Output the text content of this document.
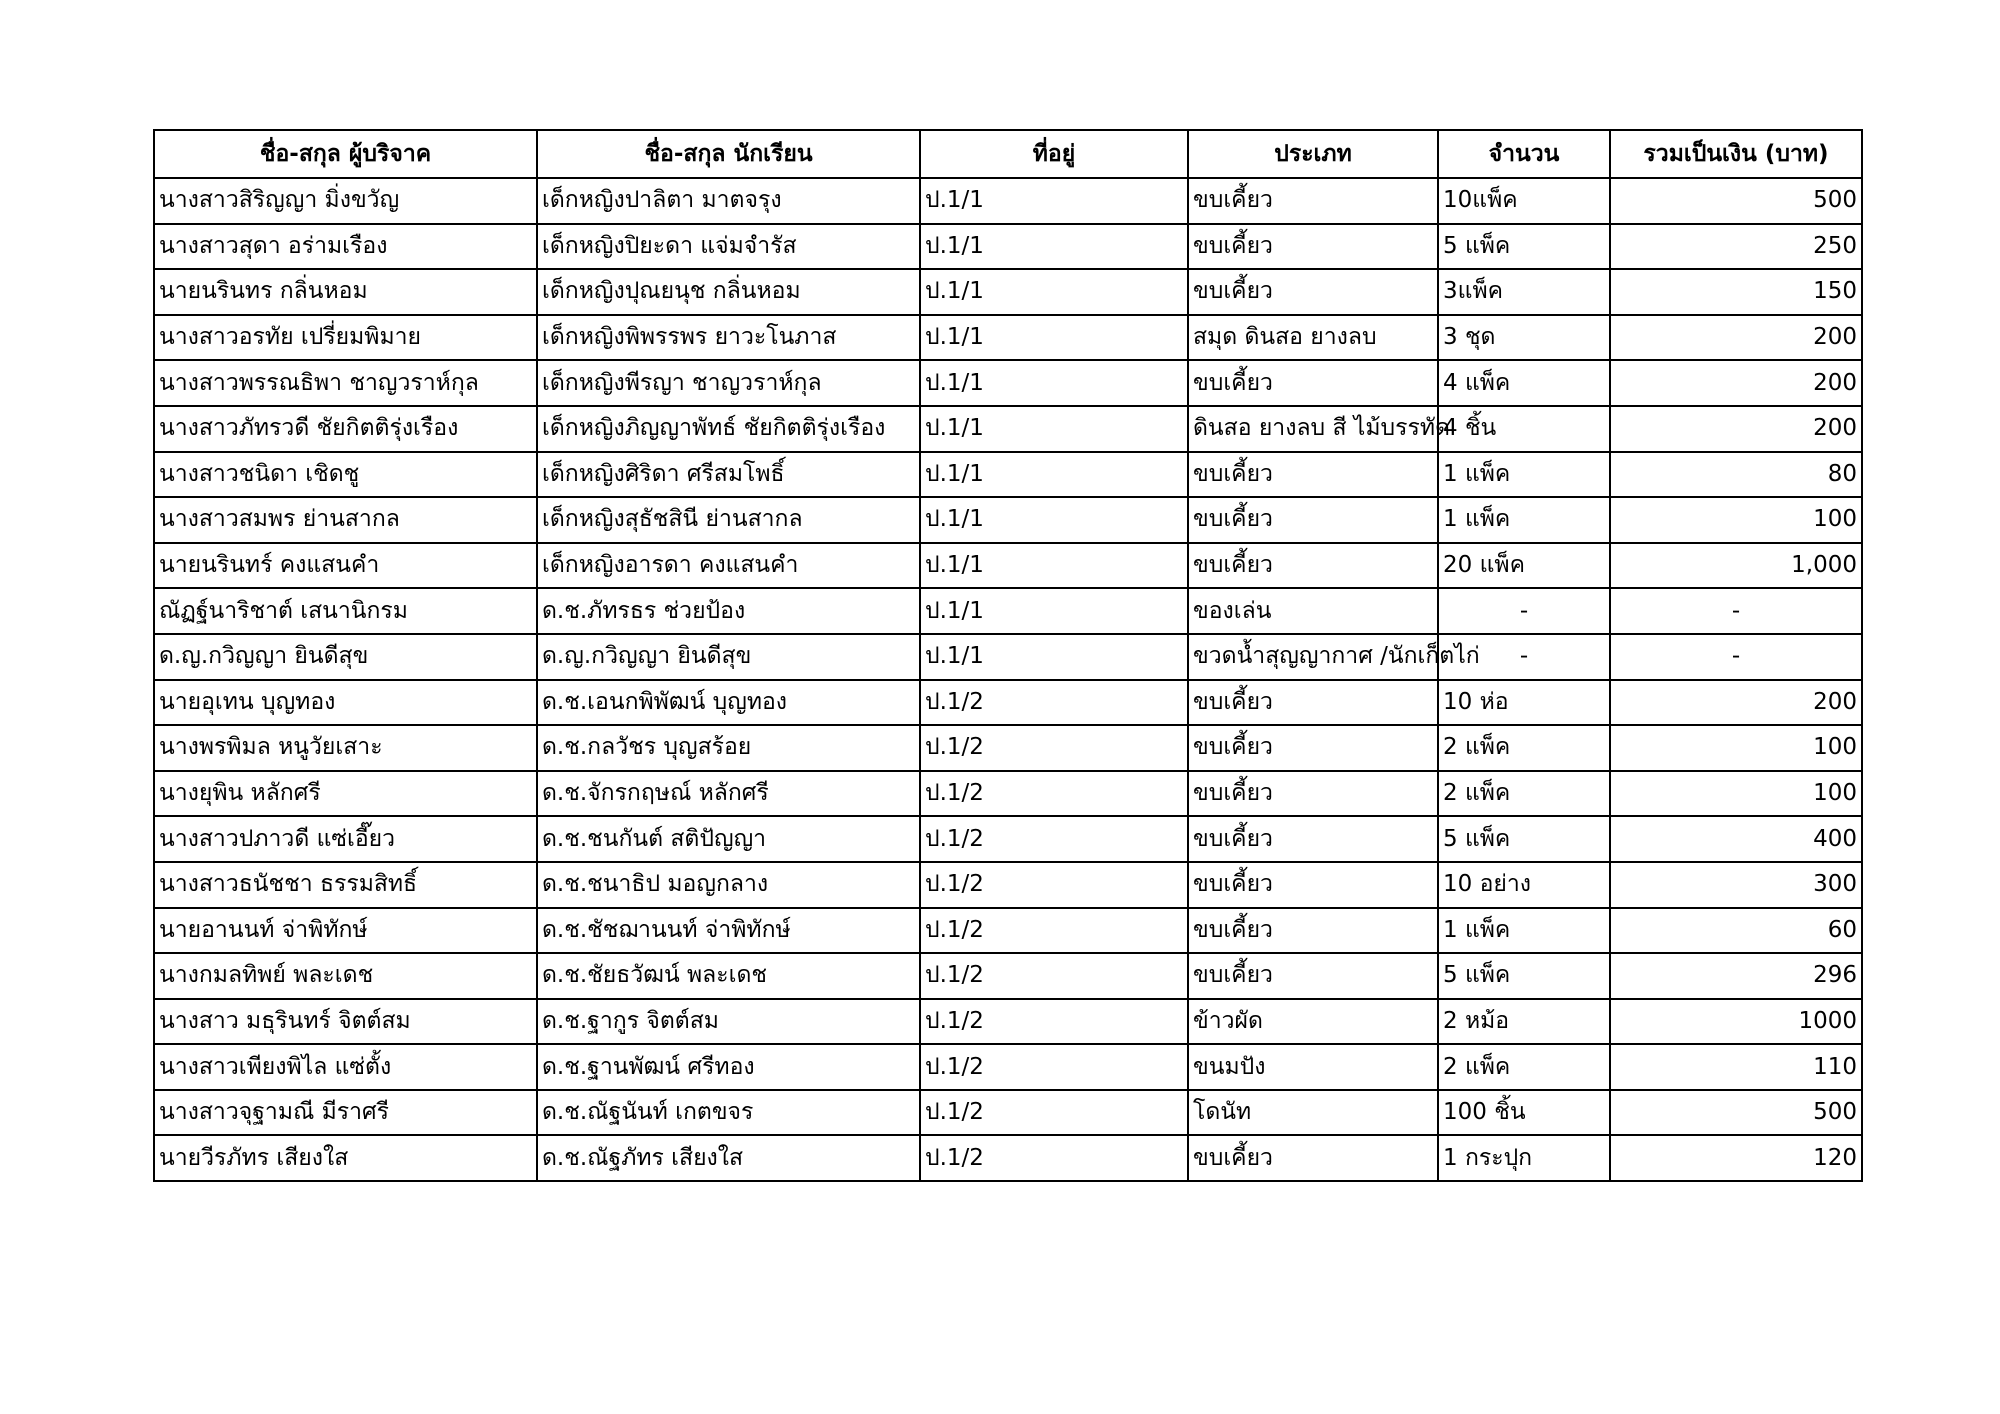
ชื่อ-สกุล ผู้บริจาค	ชื่อ-สกุล นักเรียน	ที่อยู่	ประเภท	จำนวน	รวมเป็นเงิน (บาท)
นางสาวสิริญญา มิ่งขวัญ	เด็กหญิงปาลิตา มาตจรุง	ป.1/1	ขบเคี้ยว	10แพ็ค	500
นางสาวสุดา อร่ามเรือง	เด็กหญิงปิยะดา แจ่มจำรัส	ป.1/1	ขบเคี้ยว	5 แพ็ค	250
นายนรินทร กลิ่นหอม	เด็กหญิงปุณยนุช กลิ่นหอม	ป.1/1	ขบเคี้ยว	3แพ็ค	150
นางสาวอรทัย เปรี่ยมพิมาย	เด็กหญิงพิพรรพร ยาวะโนภาส	ป.1/1	สมุด ดินสอ ยางลบ	3 ชุด	200
นางสาวพรรณธิพา ชาญวราห์กุล	เด็กหญิงพีรญา ชาญวราห์กุล	ป.1/1	ขบเคี้ยว	4 แพ็ค	200
นางสาวภัทรวดี ชัยกิตติรุ่งเรือง	เด็กหญิงภิญญาพัทธ์ ชัยกิตติรุ่งเรือง	ป.1/1	ดินสอ ยางลบ สี ไม้บรรทัด	4 ชิ้น	200
นางสาวชนิดา เชิดชู	เด็กหญิงศิริดา ศรีสมโพธิ์	ป.1/1	ขบเคี้ยว	1 แพ็ค	80
นางสาวสมพร ย่านสากล	เด็กหญิงสุธัชสินี ย่านสากล	ป.1/1	ขบเคี้ยว	1 แพ็ค	100
นายนรินทร์ คงแสนคำ	เด็กหญิงอารดา คงแสนคำ	ป.1/1	ขบเคี้ยว	20 แพ็ค	1,000
ณัฏฐ์นาริชาต์ เสนานิกรม	ด.ช.ภัทรธร ช่วยป้อง	ป.1/1	ของเล่น	-	-
ด.ญ.กวิญญา ยินดีสุข	ด.ญ.กวิญญา ยินดีสุข	ป.1/1	ขวดน้ำสุญญากาศ /นักเก็ตไก่	-	-
นายอุเทน บุญทอง	ด.ช.เอนกพิพัฒน์ บุญทอง	ป.1/2	ขบเคี้ยว	10 ห่อ	200
นางพรพิมล หนูวัยเสาะ	ด.ช.กลวัชร บุญสร้อย	ป.1/2	ขบเคี้ยว	2 แพ็ค	100
นางยุพิน หลักศรี	ด.ช.จักรกฤษณ์ หลักศรี	ป.1/2	ขบเคี้ยว	2 แพ็ค	100
นางสาวปภาวดี แซ่เอี๊ยว	ด.ช.ชนกันต์ สติปัญญา	ป.1/2	ขบเคี้ยว	5 แพ็ค	400
นางสาวธนัชชา ธรรมสิทธิ์	ด.ช.ชนาธิป มอญกลาง	ป.1/2	ขบเคี้ยว	10 อย่าง	300
นายอานนท์ จ่าพิทักษ์	ด.ช.ชัชฌานนท์ จ่าพิทักษ์	ป.1/2	ขบเคี้ยว	1 แพ็ค	60
นางกมลทิพย์ พละเดช	ด.ช.ชัยธวัฒน์ พละเดช	ป.1/2	ขบเคี้ยว	5 แพ็ค	296
นางสาว มธุรินทร์ จิตต์สม	ด.ช.ฐากูร จิตต์สม	ป.1/2	ข้าวผัด	2 หม้อ	1000
นางสาวเพียงพิไล แซ่ตั้ง	ด.ช.ฐานพัฒน์ ศรีทอง	ป.1/2	ขนมปัง	2 แพ็ค	110
นางสาวจุฐามณี มีราศรี	ด.ช.ณัฐนันท์ เกตขจร	ป.1/2	โดนัท	100 ชิ้น	500
นายวีรภัทร เสียงใส	ด.ช.ณัฐภัทร เสียงใส	ป.1/2	ขบเคี้ยว	1 กระปุก	120
